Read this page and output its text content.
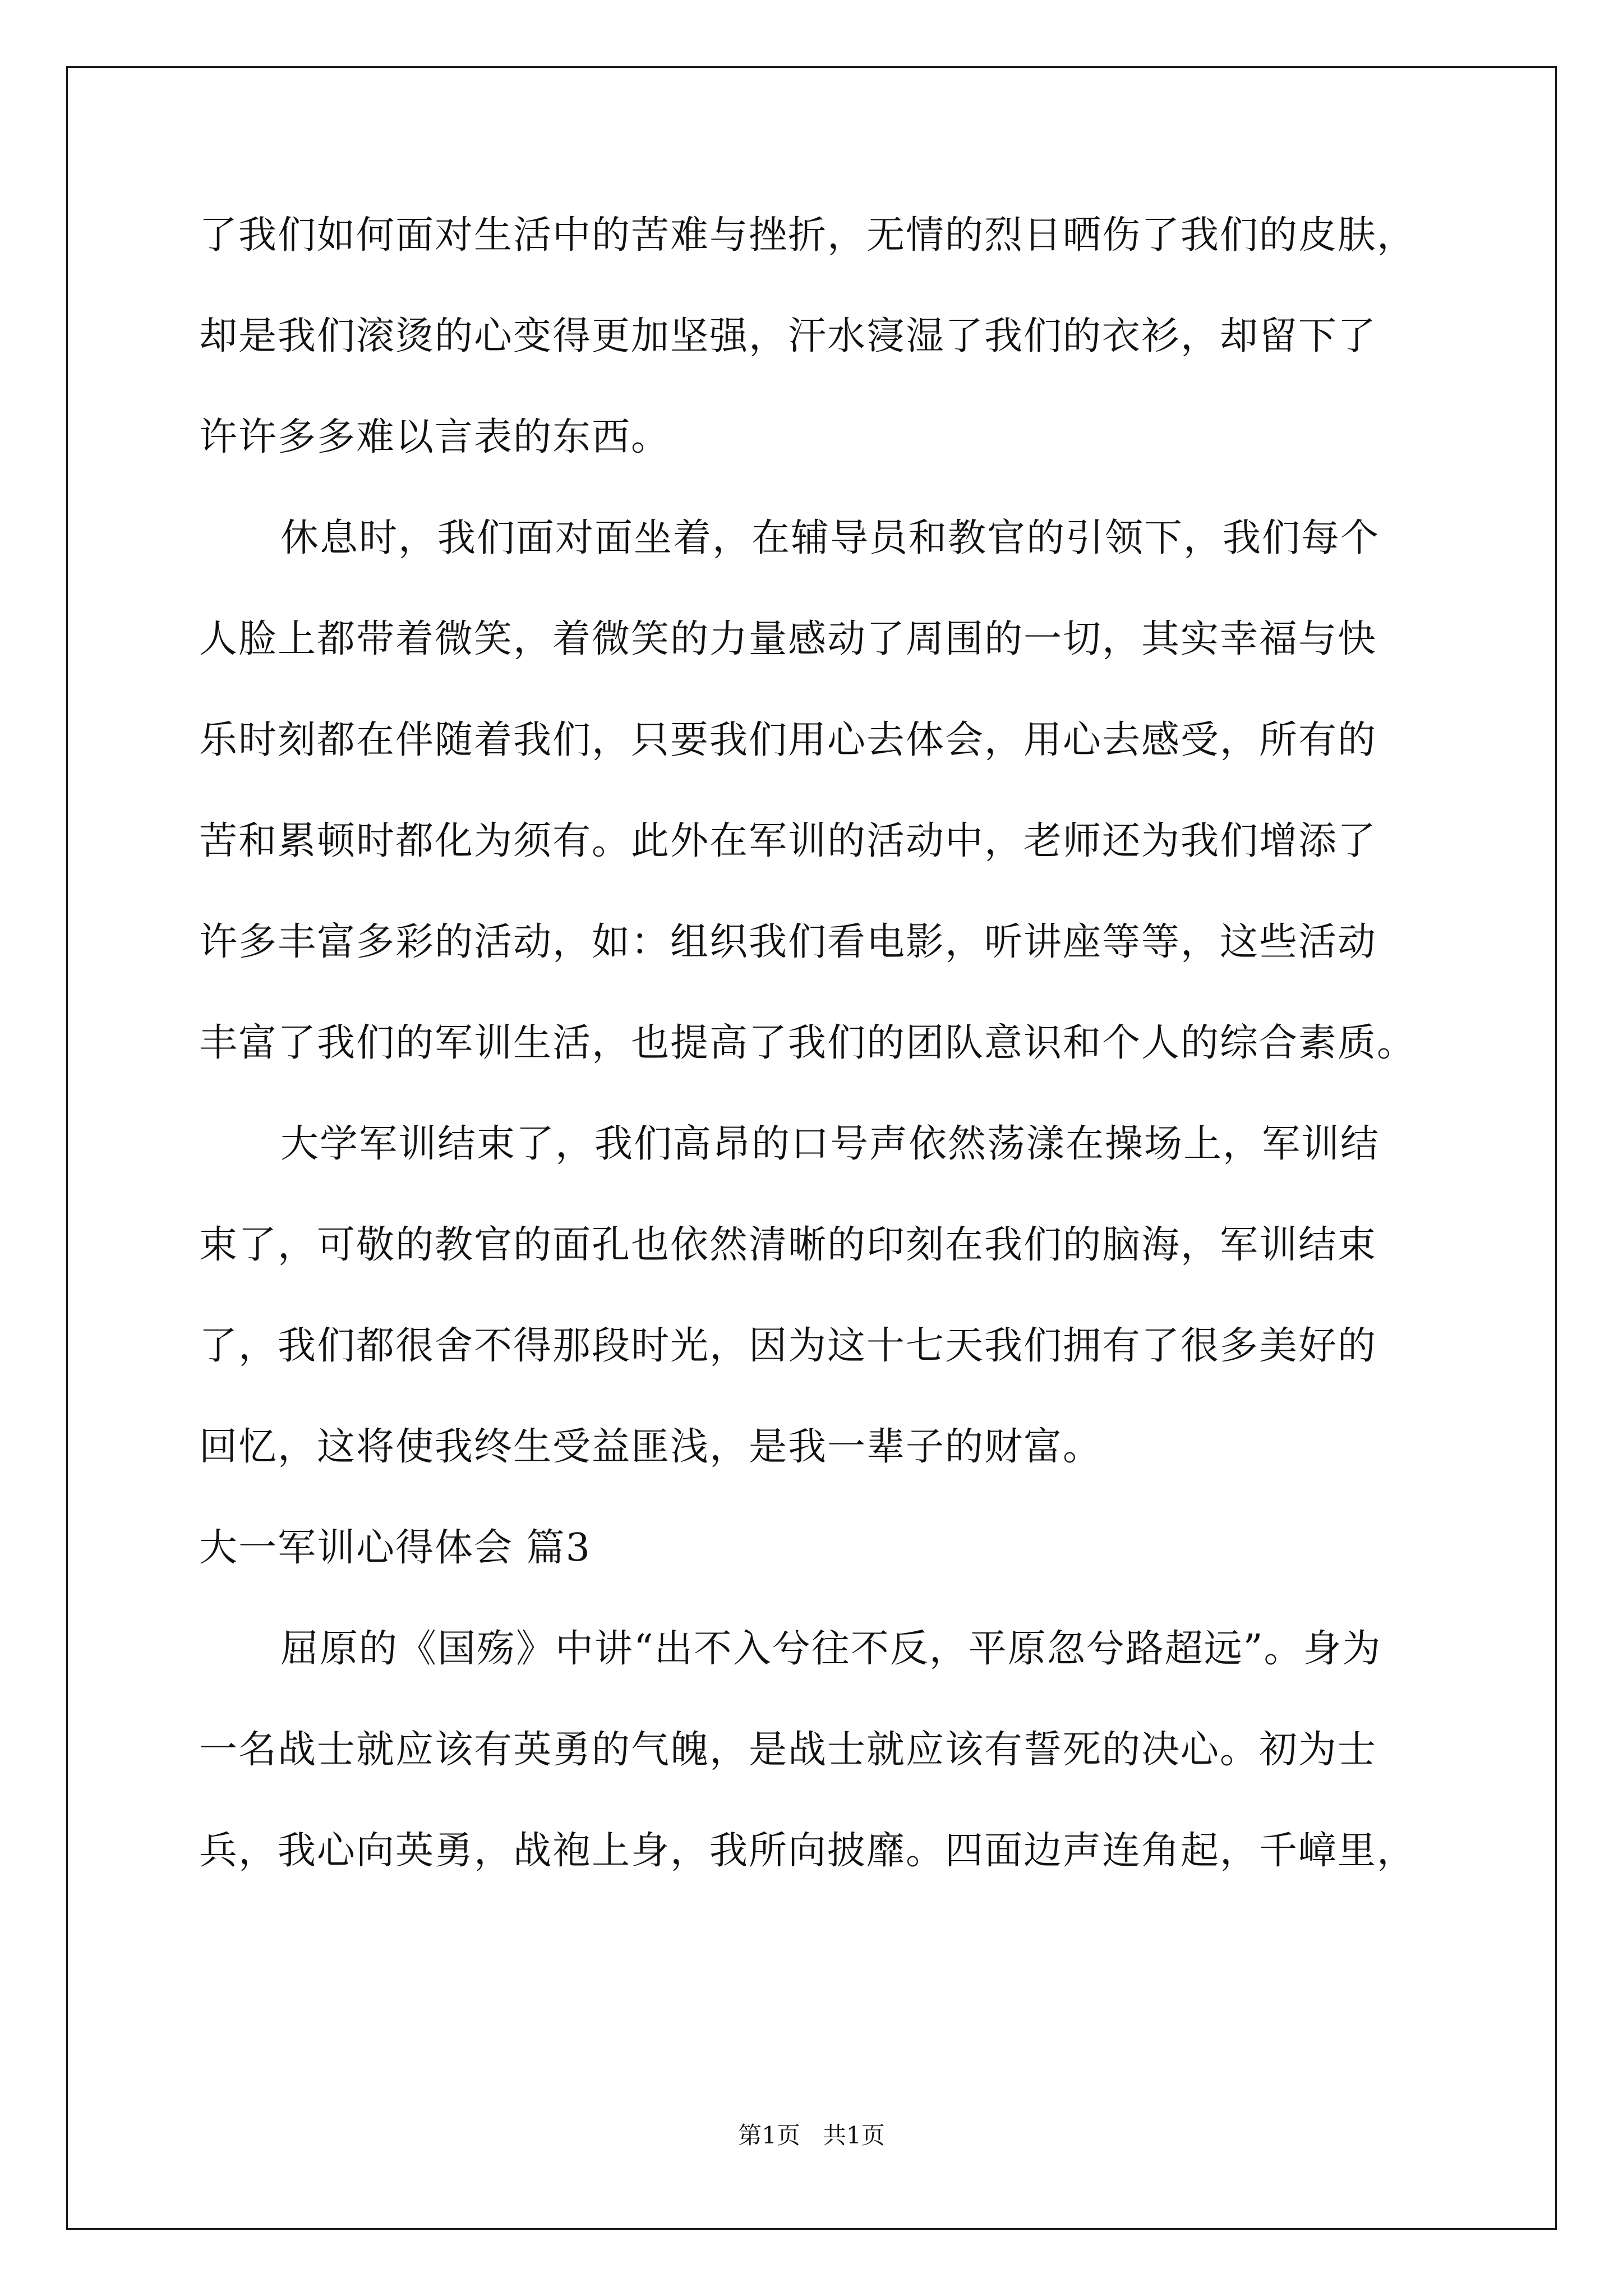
了我们如何面对生活中的苦难与挫折，无情的烈日晒伤了我们的皮肤，
却是我们滚烫的心变得更加坚强，汗水寖湿了我们的衣衫，却留下了
许许多多难以言表的东西。
休息时，我们面对面坐着，在辅导员和教官的引领下，我们每个
人脸上都带着微笑，着微笑的力量感动了周围的一切，其实幸福与快
乐时刻都在伴随着我们，只要我们用心去体会，用心去感受，所有的
苦和累顿时都化为须有。此外在军训的活动中，老师还为我们增添了
许多丰富多彩的活动，如：组织我们看电影，听讲座等等，这些活动
丰富了我们的军训生活，也提高了我们的团队意识和个人的综合素质。
大学军训结束了，我们高昂的口号声依然荡漾在操场上，军训结
束了，可敬的教官的面孔也依然清晰的印刻在我们的脑海，军训结束
了，我们都很舍不得那段时光，因为这十七天我们拥有了很多美好的
回忆，这将使我终生受益匪浅，是我一辈子的财富。
大一军训心得体会 篇3
屈原的《国殇》中讲“出不入兮往不反，平原忽兮路超远”。身为
一名战士就应该有英勇的气魄，是战士就应该有誓死的决心。初为士
兵，我心向英勇，战袍上身，我所向披靡。四面边声连角起，千嶂里，
第1页   共1页
